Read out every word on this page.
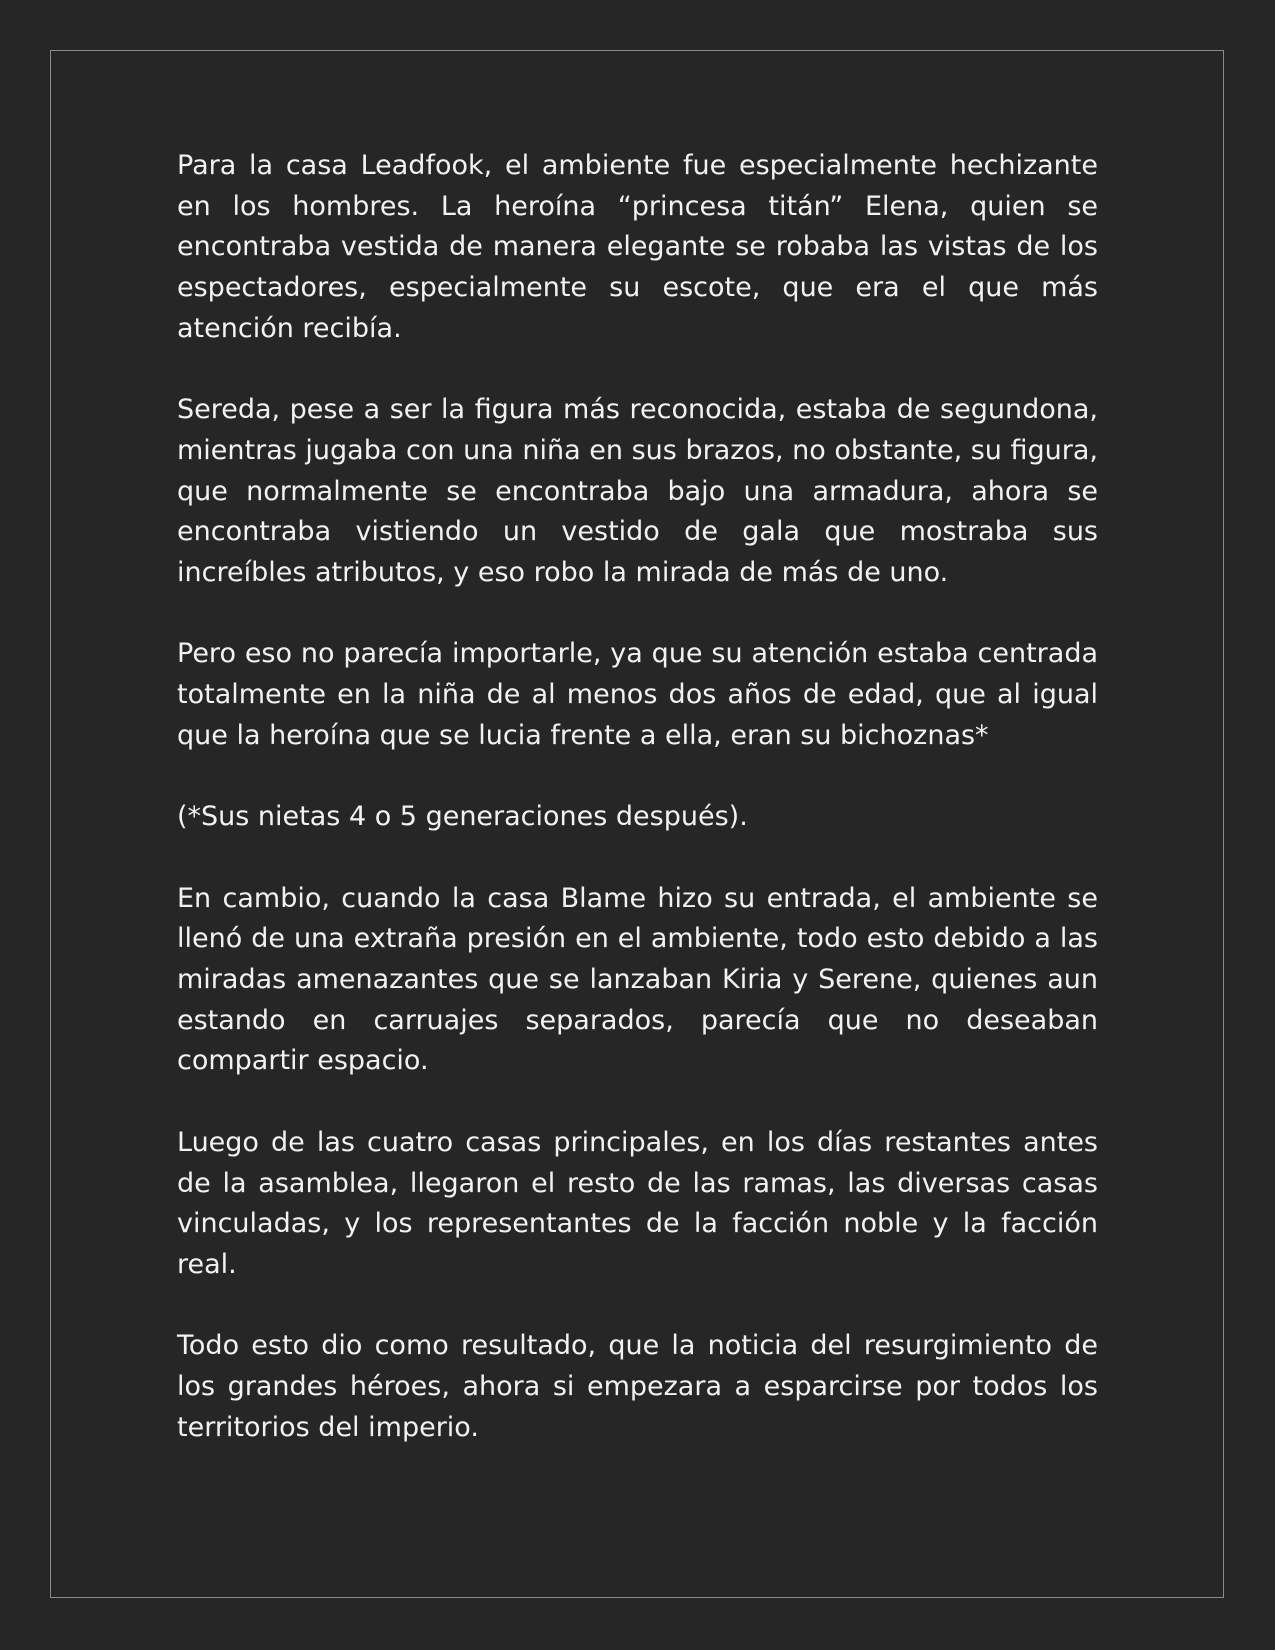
Para la casa Leadfook, el ambiente fue especialmente hechizante en los hombres. La heroína “princesa titán” Elena, quien se encontraba vestida de manera elegante se robaba las vistas de los espectadores, especialmente su escote, que era el que más atención recibía.

Sereda, pese a ser la figura más reconocida, estaba de segundona, mientras jugaba con una niña en sus brazos, no obstante, su figura, que normalmente se encontraba bajo una armadura, ahora se encontraba vistiendo un vestido de gala que mostraba sus increíbles atributos, y eso robo la mirada de más de uno.

Pero eso no parecía importarle, ya que su atención estaba centrada totalmente en la niña de al menos dos años de edad, que al igual que la heroína que se lucia frente a ella, eran su bichoznas*

(*Sus nietas 4 o 5 generaciones después).

En cambio, cuando la casa Blame hizo su entrada, el ambiente se llenó de una extraña presión en el ambiente, todo esto debido a las miradas amenazantes que se lanzaban Kiria y Serene, quienes aun estando en carruajes separados, parecía que no deseaban compartir espacio.

Luego de las cuatro casas principales, en los días restantes antes de la asamblea, llegaron el resto de las ramas, las diversas casas vinculadas, y los representantes de la facción noble y la facción real.

Todo esto dio como resultado, que la noticia del resurgimiento de los grandes héroes, ahora si empezara a esparcirse por todos los territorios del imperio.
